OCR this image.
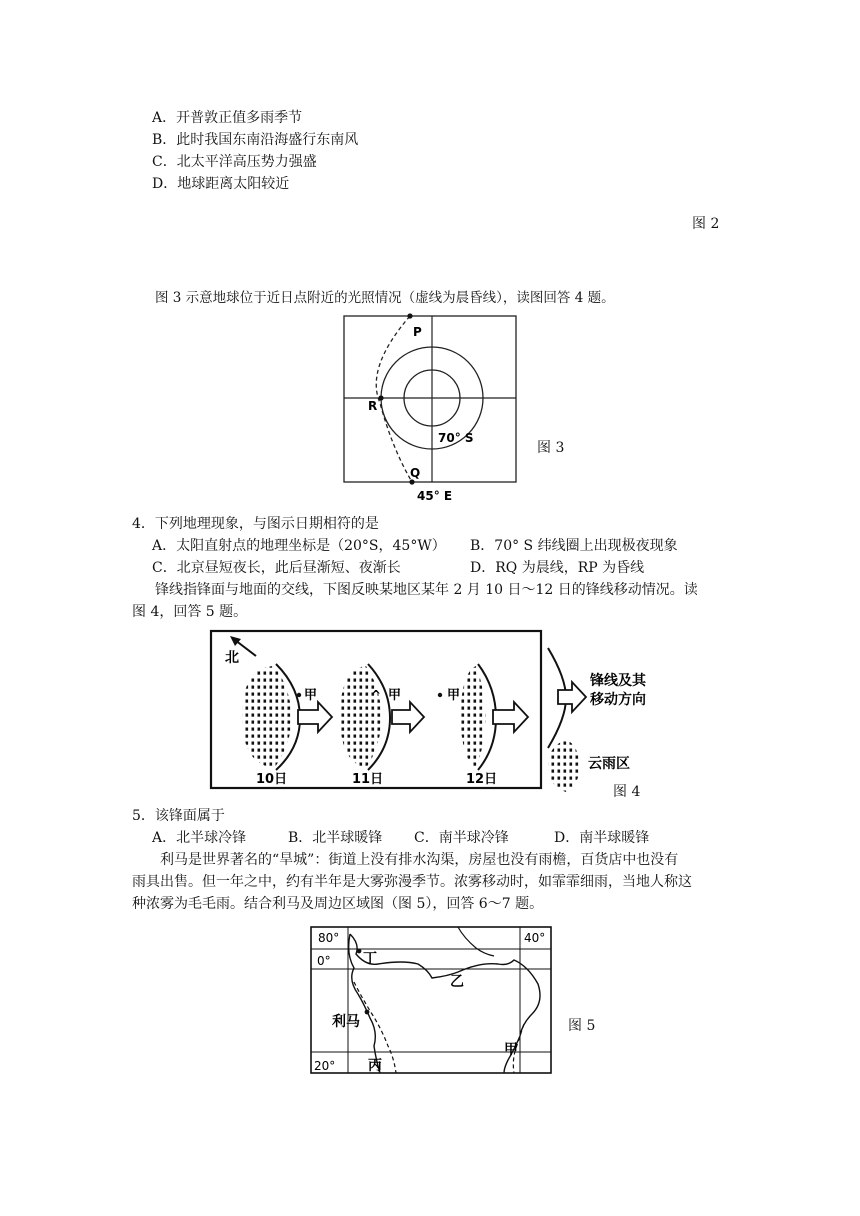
A．开普敦正值多雨季节
B．此时我国东南沿海盛行东南风
C．北太平洋高压势力强盛
D．地球距离太阳较近
图 2
图 3 示意地球位于近日点附近的光照情况（虚线为晨昏线），读图回答 4 题。
P
R
Q
70° S
45° E
图 3
4．下列地理现象，与图示日期相符的是
A．太阳直射点的地理坐标是（20°S，45°W） B．70° S 纬线圈上出现极夜现象
C．北京昼短夜长，此后昼渐短、夜渐长	D．RQ 为晨线，RP 为昏线
锋线指锋面与地面的交线，下图反映某地区某年 2 月 10 日～12 日的锋线移动情况。读
图 4，回答 5 题。
北
甲	^ 甲	甲
10日	11日	12日
锋线及其
移动方向
云雨区
图 4
5．该锋面属于
A．北半球冷锋	B．北半球暖锋 C．南半球冷锋	D．南半球暖锋
利马是世界著名的“旱城”：街道上没有排水沟渠，房屋也没有雨檐，百货店中也没有
雨具出售。但一年之中，约有半年是大雾弥漫季节。浓雾移动时，如霏霏细雨，当地人称这
种浓雾为毛毛雨。结合利马及周边区域图（图 5），回答 6～7 题。
80°	40°
0°
20°
丁
乙
利马
甲
丙
图 5
